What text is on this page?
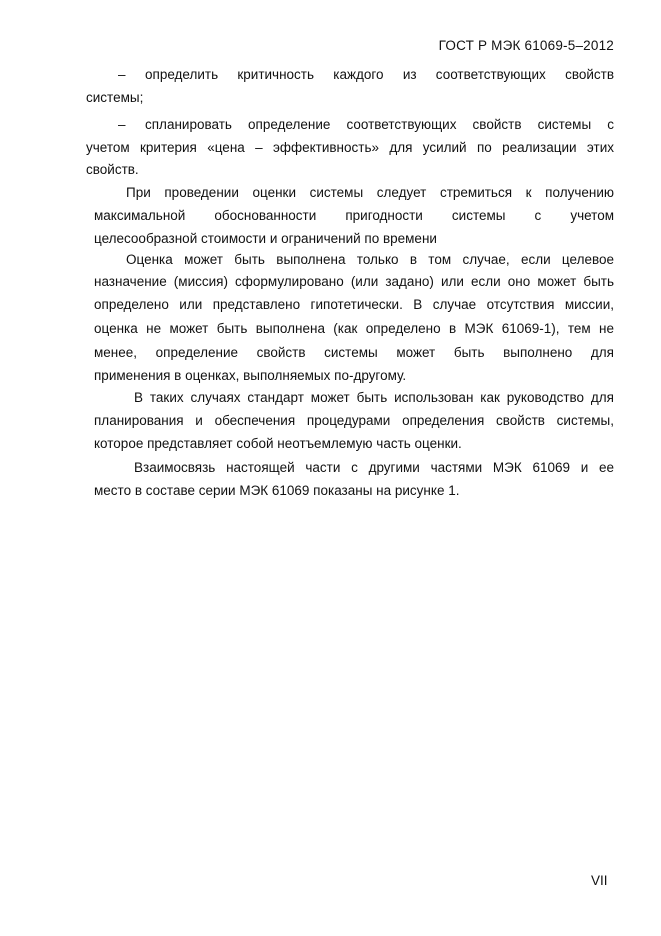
ГОСТ Р МЭК 61069-5–2012
– определить критичность каждого из соответствующих свойств
системы;
– спланировать определение соответствующих свойств системы с
учетом критерия «цена – эффективность» для усилий по реализации этих
свойств.
При проведении оценки системы следует стремиться к получению
максимальной обоснованности пригодности системы с учетом
целесообразной стоимости и ограничений по времени
Оценка может быть выполнена только в том случае, если целевое
назначение (миссия) сформулировано (или задано) или если оно может быть
определено или представлено гипотетически. В случае отсутствия миссии,
оценка не может быть выполнена (как определено в МЭК 61069-1), тем не
менее, определение свойств системы может быть выполнено для
применения в оценках, выполняемых по-другому.
В таких случаях стандарт может быть использован как руководство для
планирования и обеспечения процедурами определения свойств системы,
которое представляет собой неотъемлемую часть оценки.
Взаимосвязь настоящей части с другими частями МЭК 61069 и ее
место в составе серии МЭК 61069 показаны на рисунке 1.
VII
